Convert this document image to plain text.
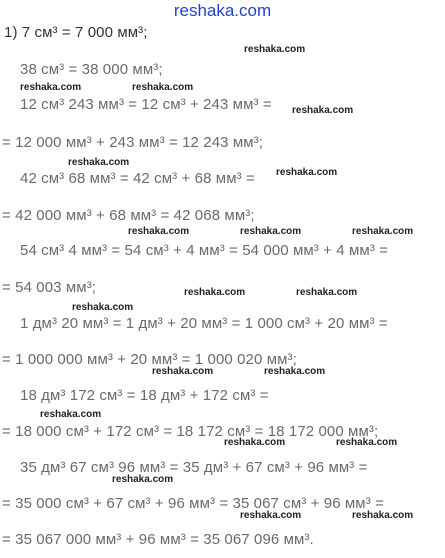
reshaka.com
1) 7 см³ = 7 000 мм³;
38 см³ = 38 000 мм³;
12 см³ 243 мм³ = 12 см³ + 243 мм³ =
= 12 000 мм³ + 243 мм³ = 12 243 мм³;
42 см³ 68 мм³ = 42 см³ + 68 мм³ =
= 42 000 мм³ + 68 мм³ = 42 068 мм³;
54 см³ 4 мм³ = 54 см³ + 4 мм³ = 54 000 мм³ + 4 мм³ =
= 54 003 мм³;
1 дм³ 20 мм³ = 1 дм³ + 20 мм³ = 1 000 см³ + 20 мм³ =
= 1 000 000 мм³ + 20 мм³ = 1 000 020 мм³;
18 дм³ 172 см³ = 18 дм³ + 172 см³ =
= 18 000 см³ + 172 см³ = 18 172 см³ = 18 172 000 мм³;
35 дм³ 67 см³ 96 мм³ = 35 дм³ + 67 см³ + 96 мм³ =
= 35 000 см³ + 67 см³ + 96 мм³ = 35 067 см³ + 96 мм³ =
= 35 067 000 мм³ + 96 мм³ = 35 067 096 мм³.
reshaka.com
reshaka.com	reshaka.com
reshaka.com
reshaka.com
reshaka.com
reshaka.com	reshaka.com	reshaka.com
reshaka.com	reshaka.com
reshaka.com
reshaka.com	reshaka.com
reshaka.com
reshaka.com	reshaka.com
reshaka.com
reshaka.com	reshaka.com
